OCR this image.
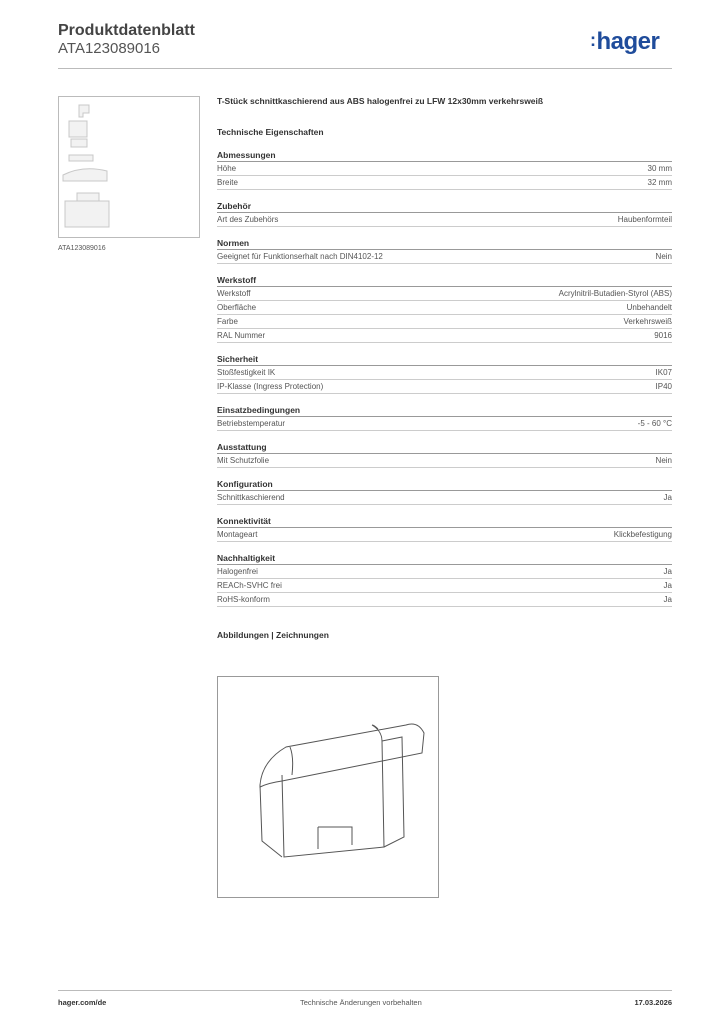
Produktdatenblatt
ATA123089016	:hager
ATA123089016
T-Stück schnittkaschierend aus ABS halogenfrei zu LFW 12x30mm verkehrsweiß
Technische Eigenschaften
Abmessungen
Höhe	30 mm
Breite	32 mm
Zubehör
Art des Zubehörs	Haubenformteil
Normen
Geeignet für Funktionserhalt nach DIN4102-12	Nein
Werkstoff
Werkstoff	Acrylnitril-Butadien-Styrol (ABS)
Oberfläche	Unbehandelt
Farbe	Verkehrsweiß
RAL Nummer	9016
Sicherheit
Stoßfestigkeit IK	IK07
IP-Klasse (Ingress Protection)	IP40
Einsatzbedingungen
Betriebstemperatur	-5 - 60 °C
Ausstattung
Mit Schutzfolie	Nein
Konfiguration
Schnittkaschierend	Ja
Konnektivität
Montageart	Klickbefestigung
Nachhaltigkeit
Halogenfrei	Ja
REACh-SVHC frei	Ja
RoHS-konform	Ja
Abbildungen | Zeichnungen
hager.com/de	Technische Änderungen vorbehalten	17.03.2026
